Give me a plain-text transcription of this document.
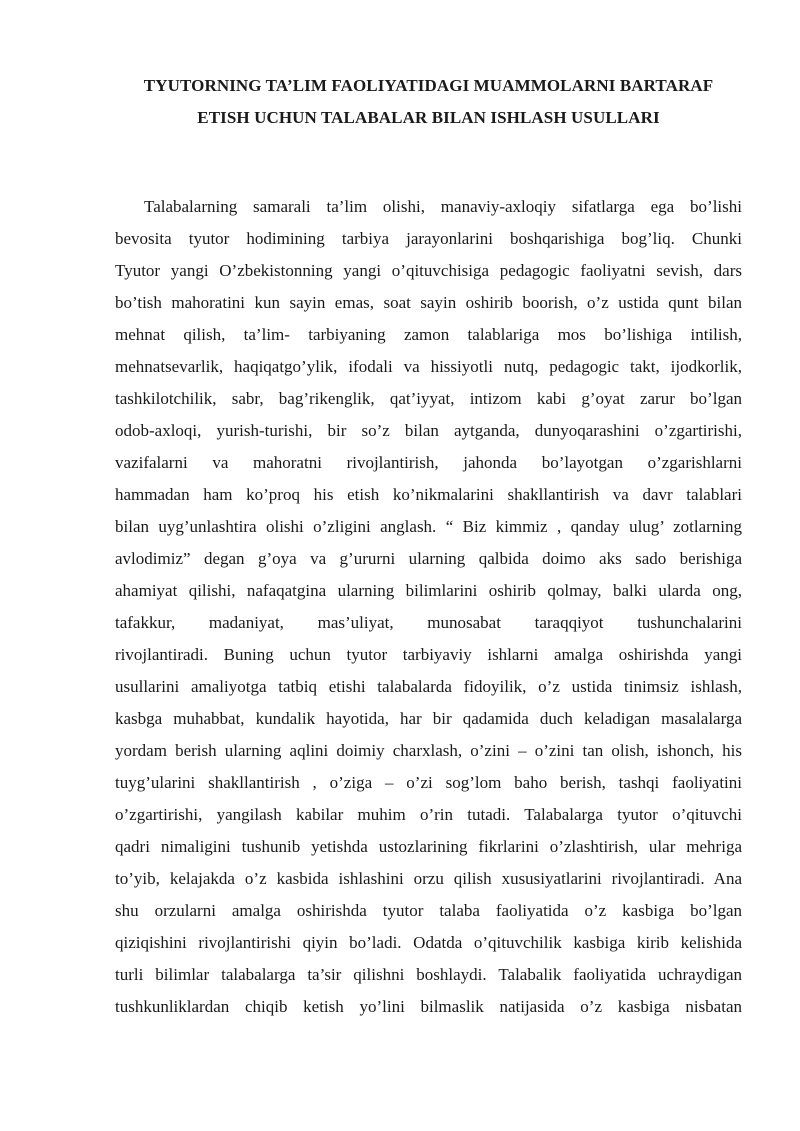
TYUTORNING TA’LIM FAOLIYATIDAGI MUAMMOLARNI BARTARAF
ETISH UCHUN TALABALAR BILAN ISHLASH USULLARI
Talabalarning samarali ta’lim olishi, manaviy-axloqiy sifatlarga ega bo’lishi
bevosita tyutor hodimining tarbiya jarayonlarini boshqarishiga bog’liq. Chunki
Tyutor yangi O’zbekistonning yangi o’qituvchisiga pedagogic faoliyatni sevish, dars
bo’tish mahoratini kun sayin emas, soat sayin oshirib boorish, o’z ustida qunt bilan
mehnat qilish, ta’lim- tarbiyaning zamon talablariga mos bo’lishiga intilish,
mehnatsevarlik, haqiqatgo’ylik, ifodali va hissiyotli nutq, pedagogic takt, ijodkorlik,
tashkilotchilik, sabr, bag’rikenglik, qat’iyyat, intizom kabi g’oyat zarur bo’lgan
odob-axloqi, yurish-turishi, bir so’z bilan aytganda, dunyoqarashini o’zgartirishi,
vazifalarni va mahoratni rivojlantirish, jahonda bo’layotgan o’zgarishlarni
hammadan ham ko’proq his etish ko’nikmalarini shakllantirish va davr talablari
bilan uyg’unlashtira olishi o’zligini anglash. “ Biz kimmiz , qanday ulug’ zotlarning
avlodimiz” degan g’oya va g’ururni ularning qalbida doimo aks sado berishiga
ahamiyat qilishi, nafaqatgina ularning bilimlarini oshirib qolmay, balki ularda ong,
tafakkur, madaniyat, mas’uliyat, munosabat taraqqiyot tushunchalarini
rivojlantiradi. Buning uchun tyutor tarbiyaviy ishlarni amalga oshirishda yangi
usullarini amaliyotga tatbiq etishi talabalarda fidoyilik, o’z ustida tinimsiz ishlash,
kasbga muhabbat, kundalik hayotida, har bir qadamida duch keladigan masalalarga
yordam berish ularning aqlini doimiy charxlash, o’zini – o’zini tan olish, ishonch, his
tuyg’ularini shakllantirish , o’ziga – o’zi sog’lom baho berish, tashqi faoliyatini
o’zgartirishi, yangilash kabilar muhim o’rin tutadi. Talabalarga tyutor o’qituvchi
qadri nimaligini tushunib yetishda ustozlarining fikrlarini o’zlashtirish, ular mehriga
to’yib, kelajakda o’z kasbida ishlashini orzu qilish xususiyatlarini rivojlantiradi. Ana
shu orzularni amalga oshirishda tyutor talaba faoliyatida o’z kasbiga bo’lgan
qiziqishini rivojlantirishi qiyin bo’ladi. Odatda o’qituvchilik kasbiga kirib kelishida
turli bilimlar talabalarga ta’sir qilishni boshlaydi. Talabalik faoliyatida uchraydigan
tushkunliklardan chiqib ketish yo’lini bilmaslik natijasida o’z kasbiga nisbatan
